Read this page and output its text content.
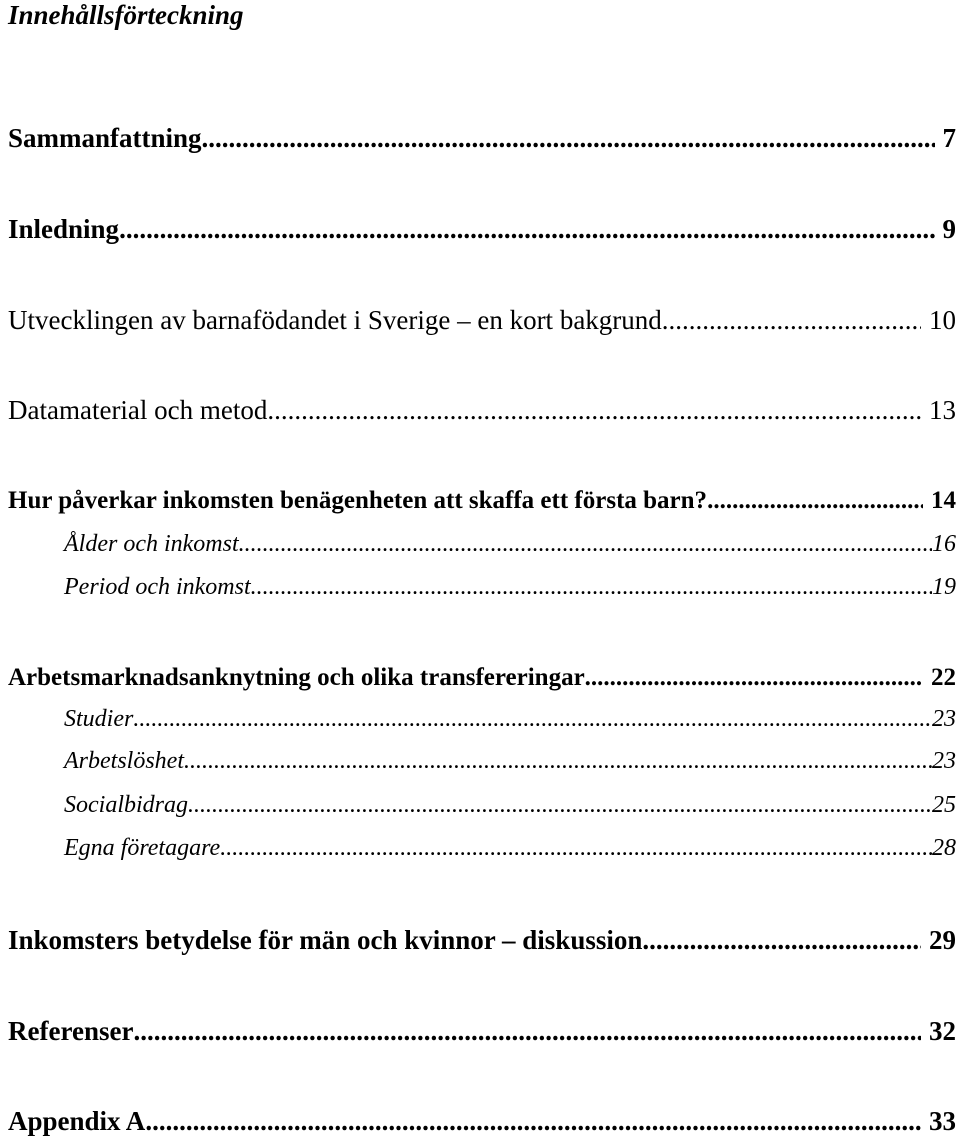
Innehållsförteckning
Sammanfattning .....	7
Inledning .....	9
Utvecklingen av barnafödandet i Sverige – en kort bakgrund .....	10
Datamaterial och metod .....	13
Hur påverkar inkomsten benägenheten att skaffa ett första barn? .....	14
Ålder och inkomst .....	16
Period och inkomst .....	19
Arbetsmarknadsanknytning och olika transfereringar .....	22
Studier .....	23
Arbetslöshet .....	23
Socialbidrag .....	25
Egna företagare .....	28
Inkomsters betydelse för män och kvinnor – diskussion .....	29
Referenser .....	32
Appendix A .....	33
